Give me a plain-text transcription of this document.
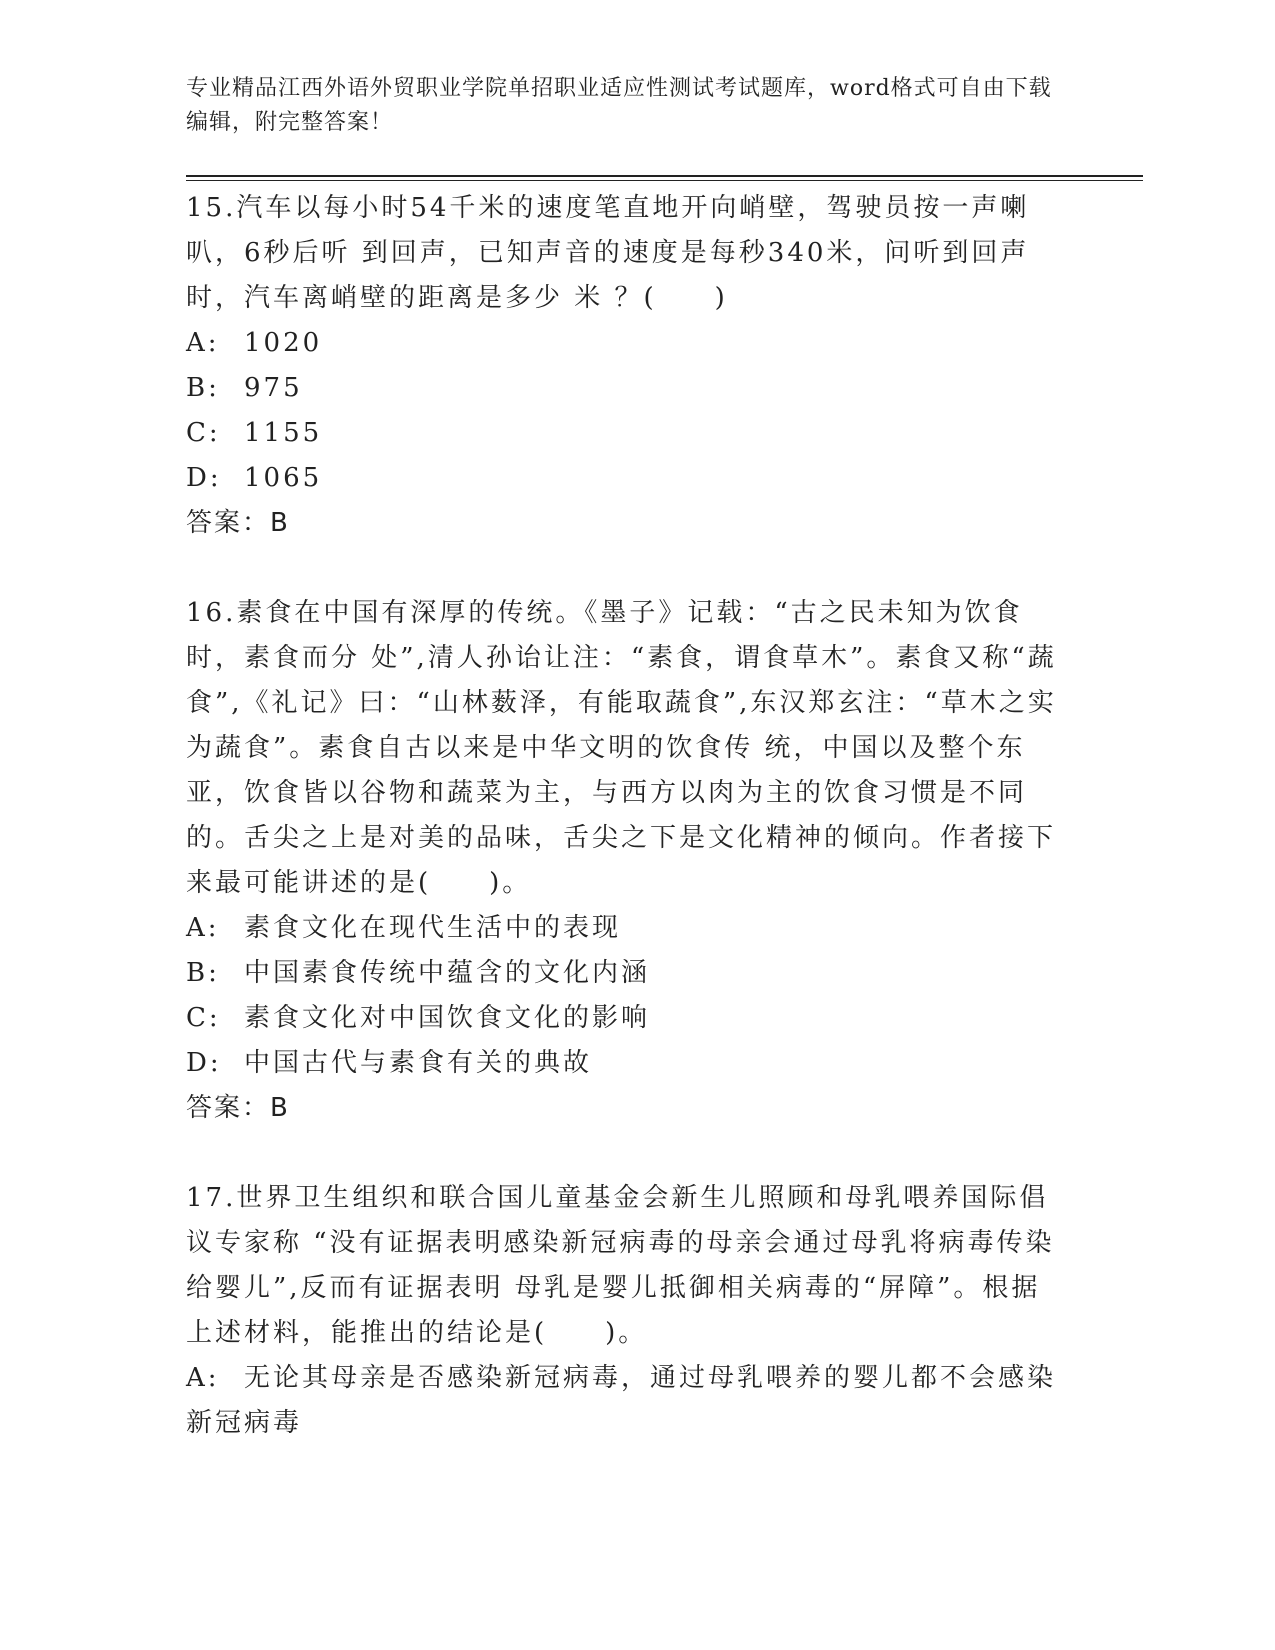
专业精品江西外语外贸职业学院单招职业适应性测试考试题库，word格式可自由下载编辑，附完整答案！

15.汽车以每小时54千米的速度笔直地开向峭壁，驾驶员按一声喇叭，6秒后听 到回声，已知声音的速度是每秒340米，问听到回声时，汽车离峭壁的距离是多少 米 ？(　　)

A: 1020
B: 975
C: 1155
D: 1065

答案：B

16.素食在中国有深厚的传统。《墨子》记载：“古之民未知为饮食时，素食而分 处”,清人孙诒让注：“素食，谓食草木”。素食又称“蔬食”,《礼记》曰：“山林薮泽，有能取蔬食”,东汉郑玄注：“草木之实为蔬食”。素食自古以来是中华文明的饮食传 统，中国以及整个东亚，饮食皆以谷物和蔬菜为主，与西方以肉为主的饮食习惯是不同的。舌尖之上是对美的品味，舌尖之下是文化精神的倾向。作者接下来最可能讲述的是(　　)。

A: 素食文化在现代生活中的表现
B: 中国素食传统中蕴含的文化内涵
C: 素食文化对中国饮食文化的影响
D: 中国古代与素食有关的典故

答案：B

17.世界卫生组织和联合国儿童基金会新生儿照顾和母乳喂养国际倡议专家称 “没有证据表明感染新冠病毒的母亲会通过母乳将病毒传染给婴儿”,反而有证据表明 母乳是婴儿抵御相关病毒的“屏障”。根据上述材料，能推出的结论是(　　)。

A: 无论其母亲是否感染新冠病毒，通过母乳喂养的婴儿都不会感染新冠病毒
